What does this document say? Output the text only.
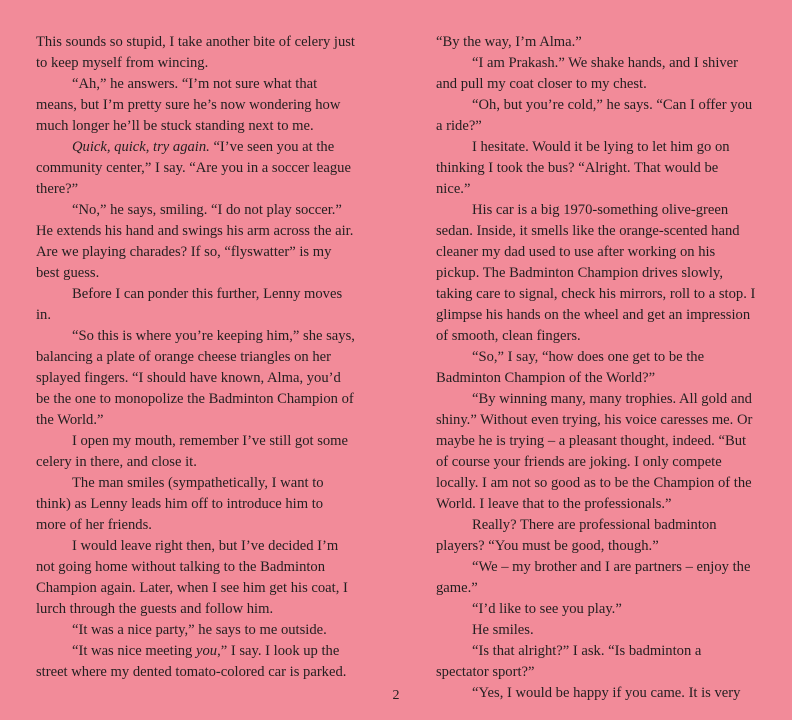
This sounds so stupid, I take another bite of celery just to keep myself from wincing.

“Ah,” he answers. “I’m not sure what that means, but I’m pretty sure he’s now wondering how much longer he’ll be stuck standing next to me.

Quick, quick, try again. “I’ve seen you at the community center,” I say. “Are you in a soccer league there?”

“No,” he says, smiling. “I do not play soccer.” He extends his hand and swings his arm across the air. Are we playing charades? If so, “flyswatter” is my best guess.

Before I can ponder this further, Lenny moves in.

“So this is where you’re keeping him,” she says, balancing a plate of orange cheese triangles on her splayed fingers. “I should have known, Alma, you’d be the one to monopolize the Badminton Champion of the World.”

I open my mouth, remember I’ve still got some celery in there, and close it.

The man smiles (sympathetically, I want to think) as Lenny leads him off to introduce him to more of her friends.

I would leave right then, but I’ve decided I’m not going home without talking to the Badminton Champion again. Later, when I see him get his coat, I lurch through the guests and follow him.

“It was a nice party,” he says to me outside.

“It was nice meeting you,” I say. I look up the street where my dented tomato-colored car is parked.

“By the way, I’m Alma.”

“I am Prakash.” We shake hands, and I shiver and pull my coat closer to my chest.

“Oh, but you’re cold,” he says. “Can I offer you a ride?”

I hesitate. Would it be lying to let him go on thinking I took the bus? “Alright. That would be nice.”

His car is a big 1970-something olive-green sedan. Inside, it smells like the orange-scented hand cleaner my dad used to use after working on his pickup. The Badminton Champion drives slowly, taking care to signal, check his mirrors, roll to a stop. I glimpse his hands on the wheel and get an impression of smooth, clean fingers.

“So,” I say, “how does one get to be the Badminton Champion of the World?”

“By winning many, many trophies. All gold and shiny.” Without even trying, his voice caresses me. Or maybe he is trying – a pleasant thought, indeed. “But of course your friends are joking. I only compete locally. I am not so good as to be the Champion of the World. I leave that to the professionals.”

Really? There are professional badminton players? “You must be good, though.”

“We – my brother and I are partners – enjoy the game.”

“I’d like to see you play.”

He smiles.

“Is that alright?” I ask. “Is badminton a spectator sport?”

“Yes, I would be happy if you came. It is very

2
